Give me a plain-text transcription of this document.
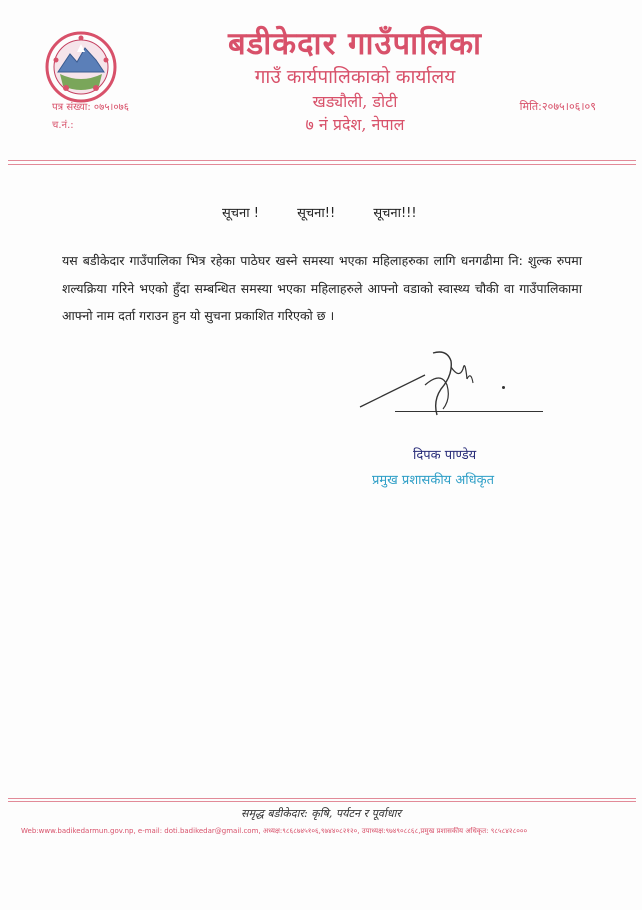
बडीकेदार गाउँपालिका
गाउँ कार्यपालिकाको कार्यालय
खड्यौली, डोटी
७ नं प्रदेश, नेपाल
पत्र संख्या: ०७५।०७६
च.नं.:
मिति:२०७५।०६।०९
सूचना !	सूचना!!	सूचना!!!
यस बडीकेदार गाउँपालिका भित्र रहेका पाठेघर खस्ने समस्या भएका महिलाहरुका लागि धनगढीमा नि: शुल्क रुपमा शल्यक्रिया गरिने भएको हुँदा सम्बन्धित समस्या भएका महिलाहरुले आफ्नो वडाको स्वास्थ्य चौकी वा गाउँपालिकामा आफ्नो नाम दर्ता गराउन हुन यो सुचना प्रकाशित गरिएको छ ।
दिपक पाण्डेय
प्रमुख प्रशासकीय अधिकृत
समृद्ध बडीकेदार: कृषि, पर्यटन र पूर्वाधार
Web:www.badikedarmun.gov.np, e-mail: doti.badikedar@gmail.com, अध्यक्ष:९८६८७४५१०६,९७४४०८२१२०, उपाध्यक्ष:९७४९०८८६८,प्रमुख प्रशासकीय अधिकृत: ९८५८४२८०००
